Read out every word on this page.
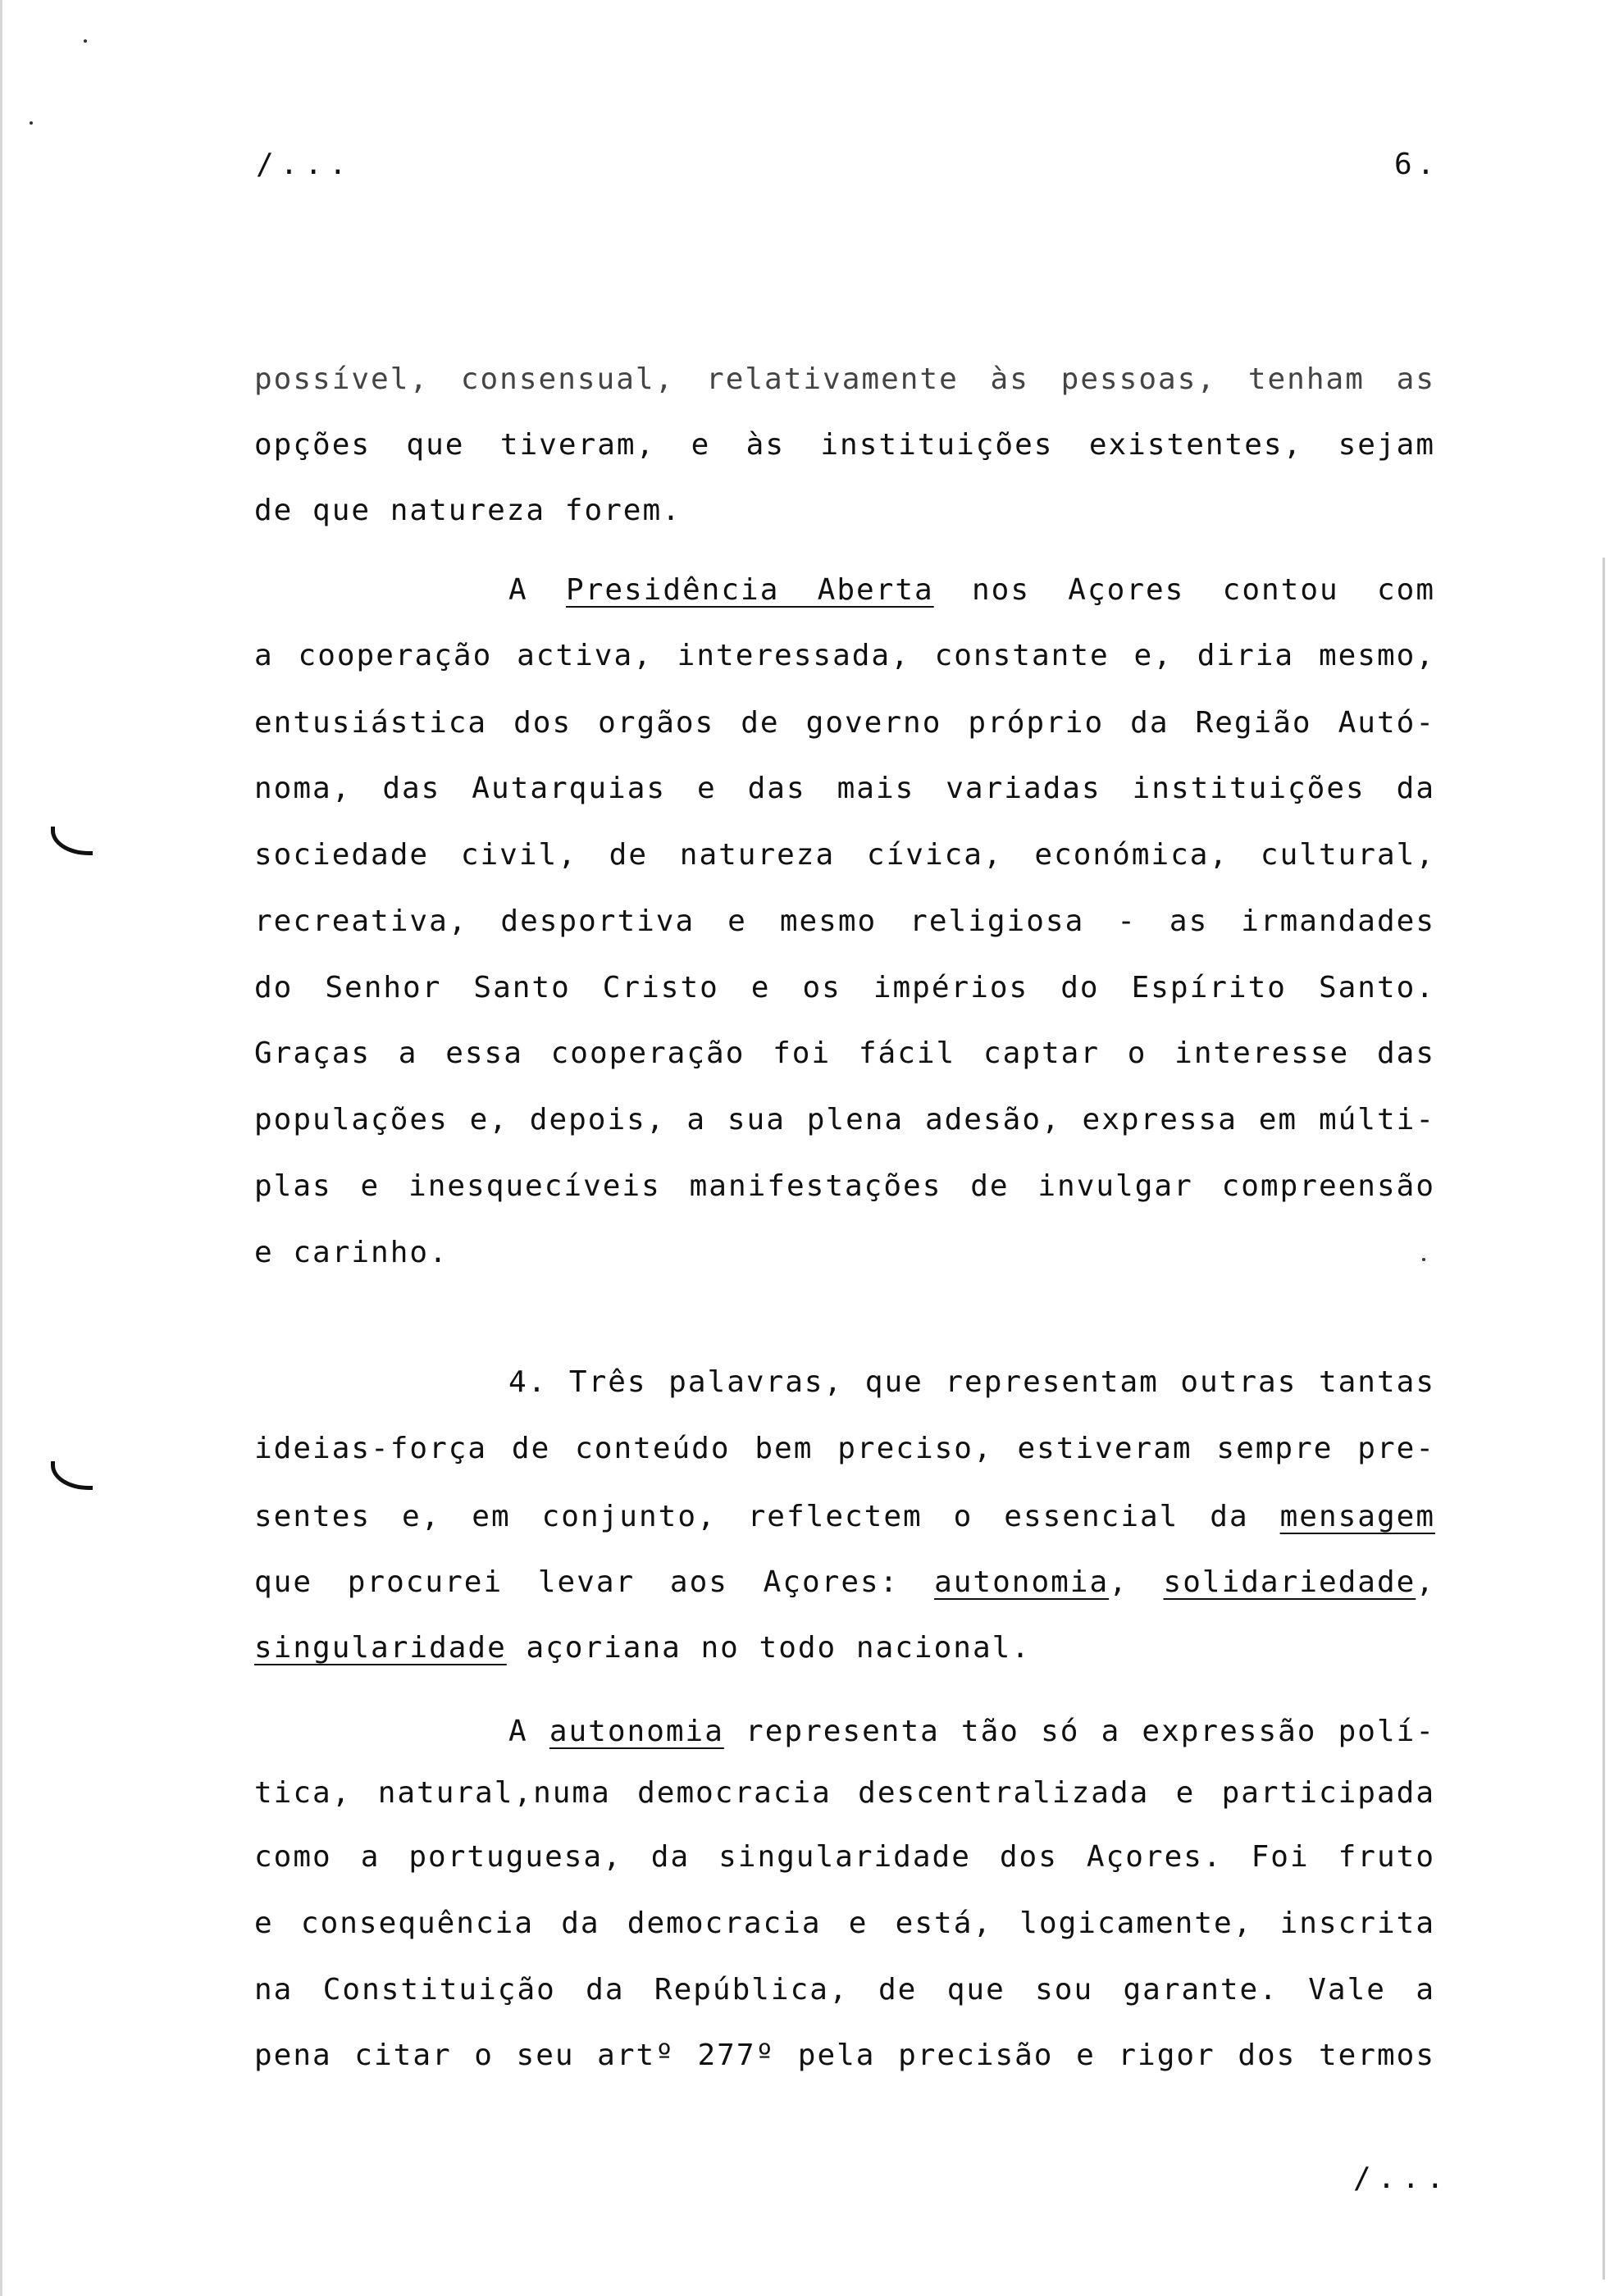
/...	6.
possível, consensual, relativamente às pessoas, tenham as
opções que tiveram, e às instituições existentes, sejam
de que natureza forem.
A Presidência Aberta nos Açores contou com
a cooperação activa, interessada, constante e, diria mesmo,
entusiástica dos orgãos de governo próprio da Região Autó-
noma, das Autarquias e das mais variadas instituições da
sociedade civil, de natureza cívica, económica, cultural,
recreativa, desportiva e mesmo religiosa - as irmandades
do Senhor Santo Cristo e os impérios do Espírito Santo.
Graças a essa cooperação foi fácil captar o interesse das
populações e, depois, a sua plena adesão, expressa em múlti-
plas e inesquecíveis manifestações de invulgar compreensão
e carinho.
4. Três palavras, que representam outras tantas
ideias-força de conteúdo bem preciso, estiveram sempre pre-
sentes e, em conjunto, reflectem o essencial da mensagem
que procurei levar aos Açores: autonomia, solidariedade,
singularidade açoriana no todo nacional.
A autonomia representa tão só a expressão polí-
tica, natural,numa democracia descentralizada e participada
como a portuguesa, da singularidade dos Açores. Foi fruto
e consequência da democracia e está, logicamente, inscrita
na Constituição da República, de que sou garante. Vale a
pena citar o seu artº 277º pela precisão e rigor dos termos
/...
